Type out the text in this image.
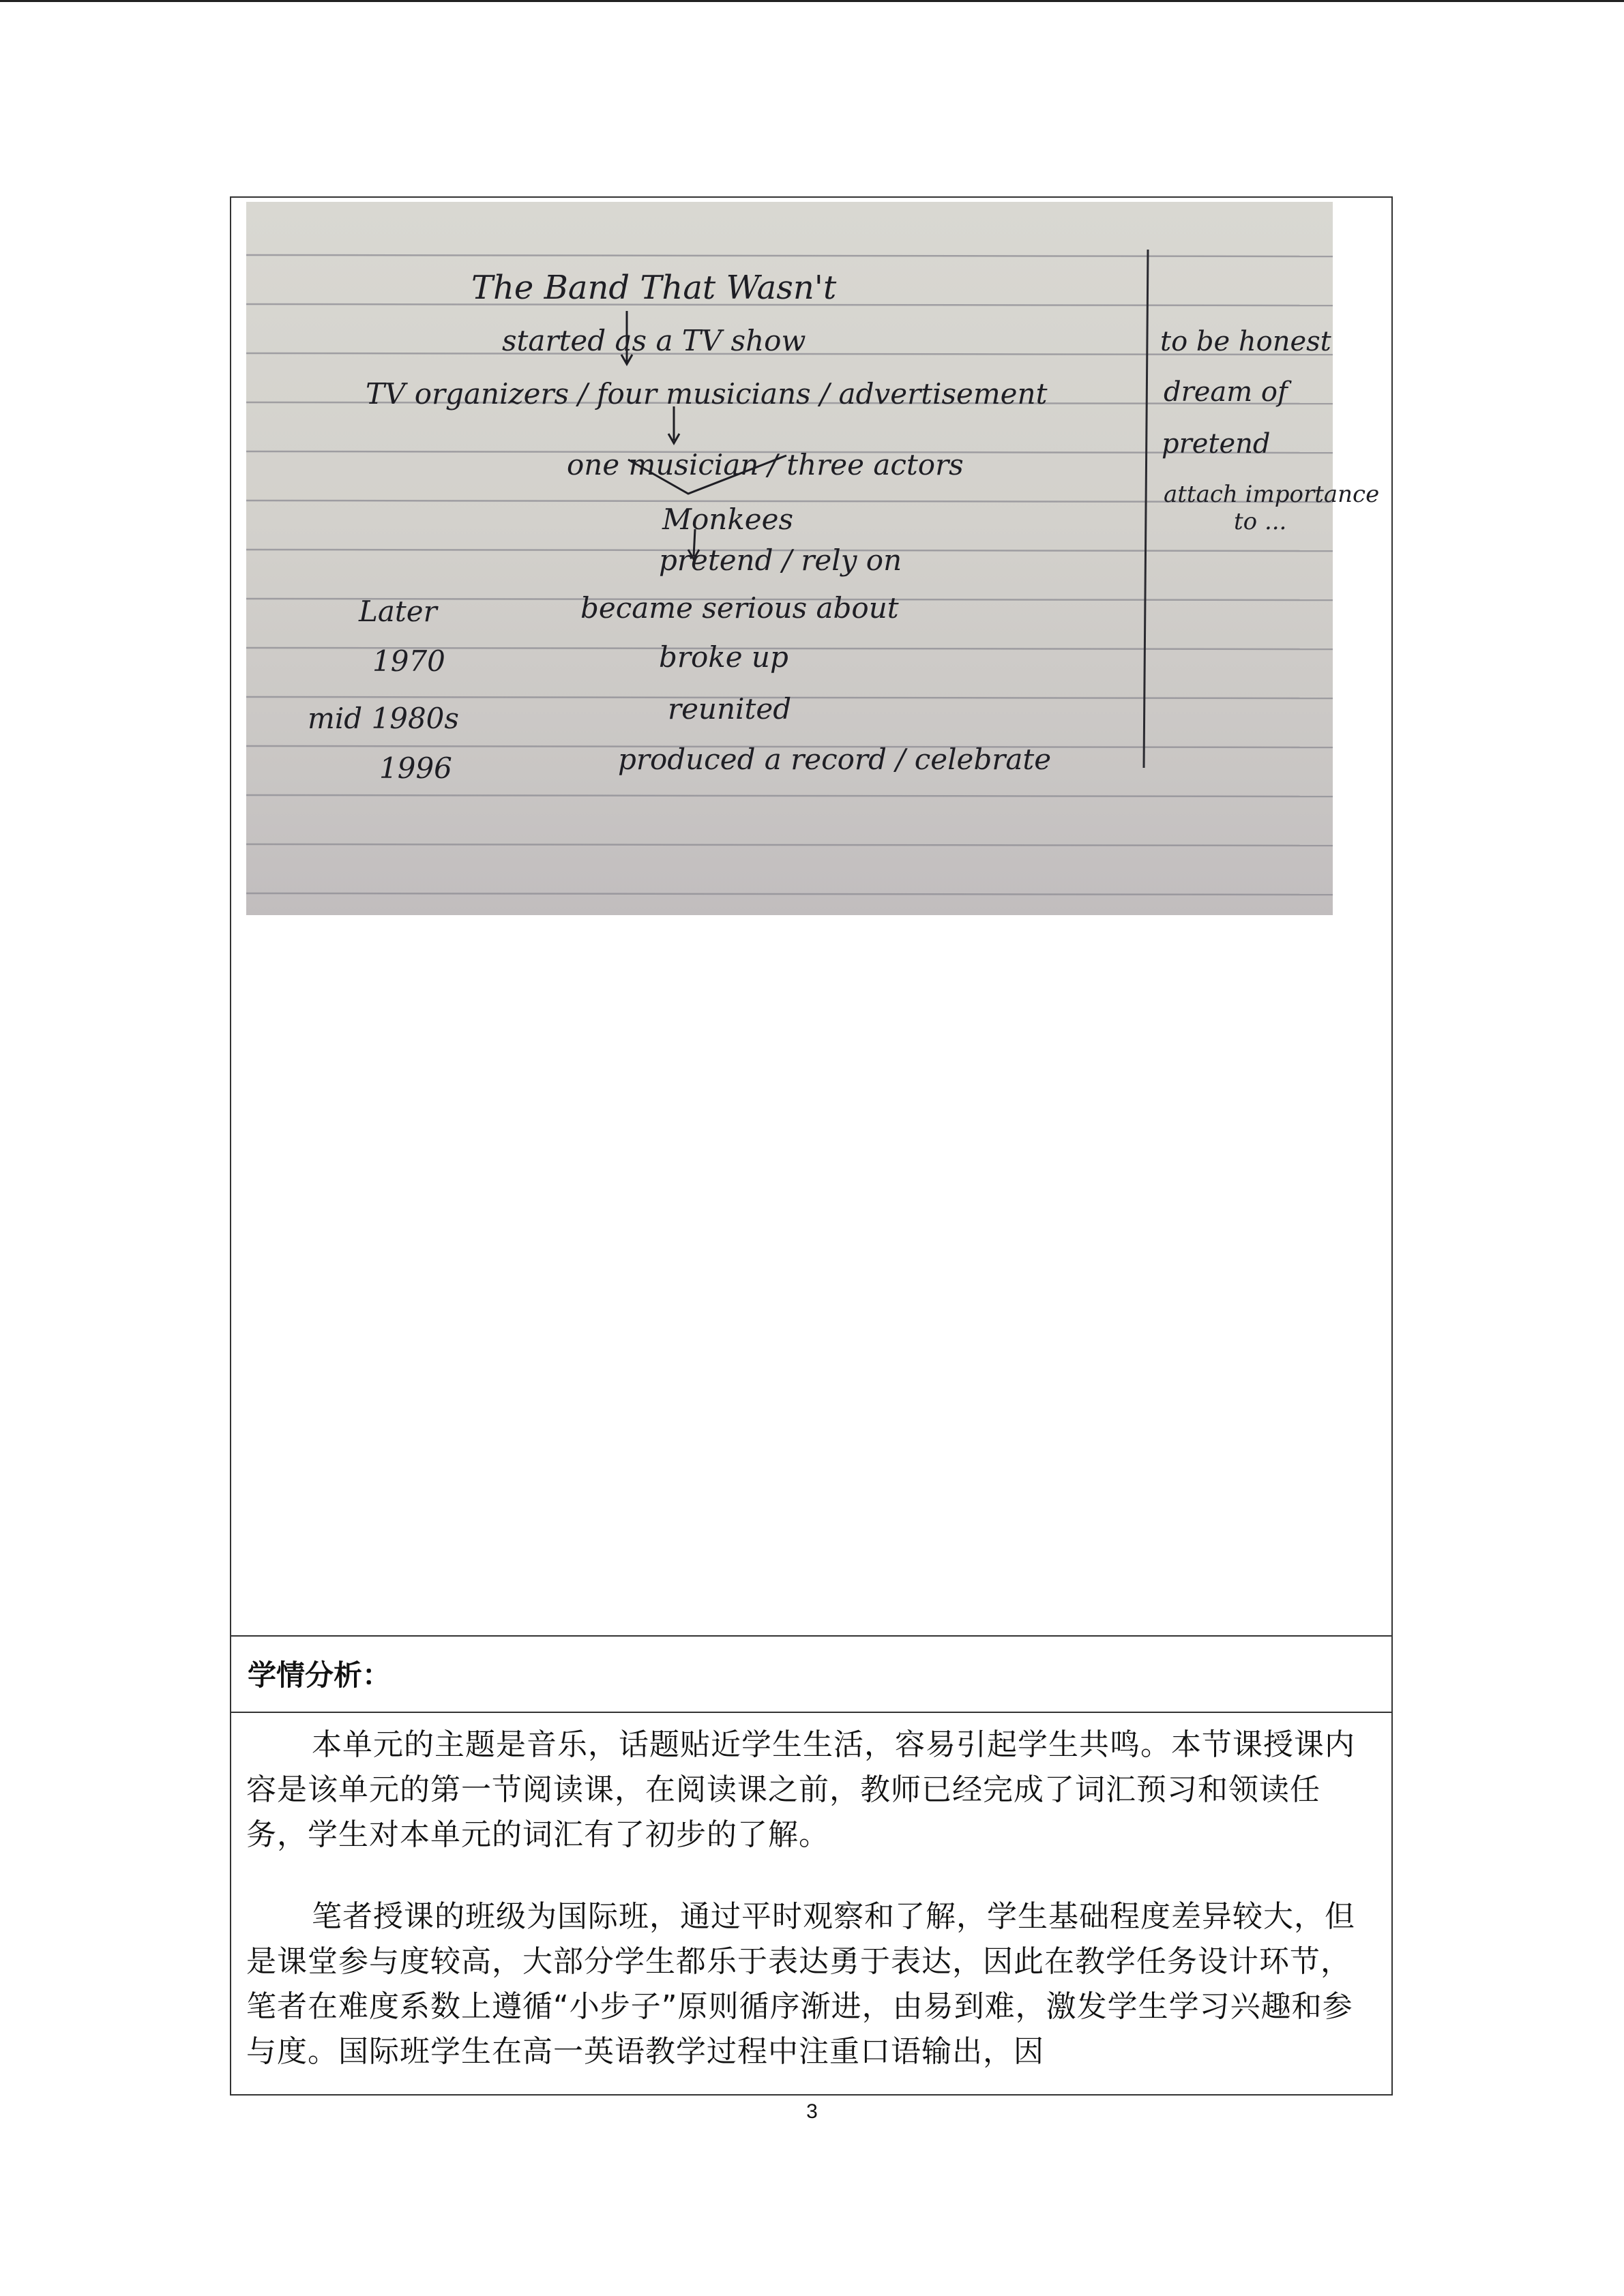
The Band That Wasn't
started as a TV show
TV organizers / four musicians / advertisement
one musician / three actors
Monkees
pretend / rely on
Later	became serious about
1970	broke up
mid 1980s	reunited
1996	produced a record / celebrate
to be honest
dream of
pretend
attach importance
to ...
学情分析：

本单元的主题是音乐，话题贴近学生生活，容易引起学生共鸣。本节课授课内容是该单元的第一节阅读课，在阅读课之前，教师已经完成了词汇预习和领读任务，学生对本单元的词汇有了初步的了解。

笔者授课的班级为国际班，通过平时观察和了解，学生基础程度差异较大，但是课堂参与度较高，大部分学生都乐于表达勇于表达，因此在教学任务设计环节，笔者在难度系数上遵循“小步子”原则循序渐进，由易到难，激发学生学习兴趣和参与度。国际班学生在高一英语教学过程中注重口语输出，因

3
